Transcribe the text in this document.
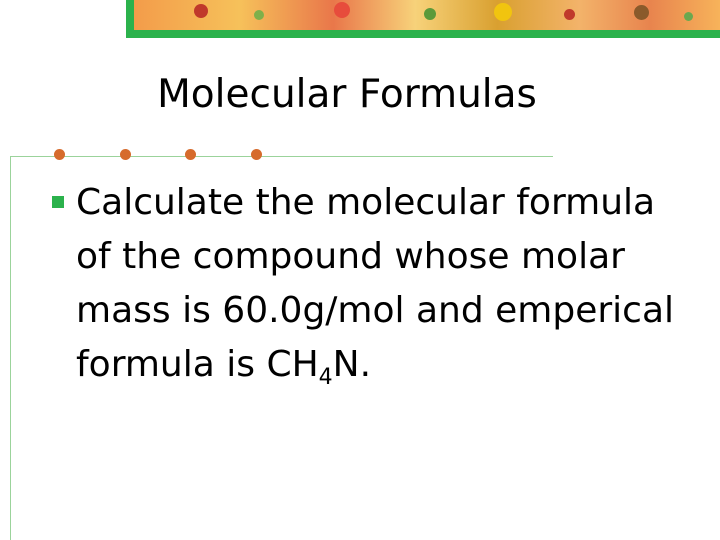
Molecular Formulas
Calculate the molecular formula of the compound whose molar mass is 60.0g/mol and emperical formula is $CH_4N$.
